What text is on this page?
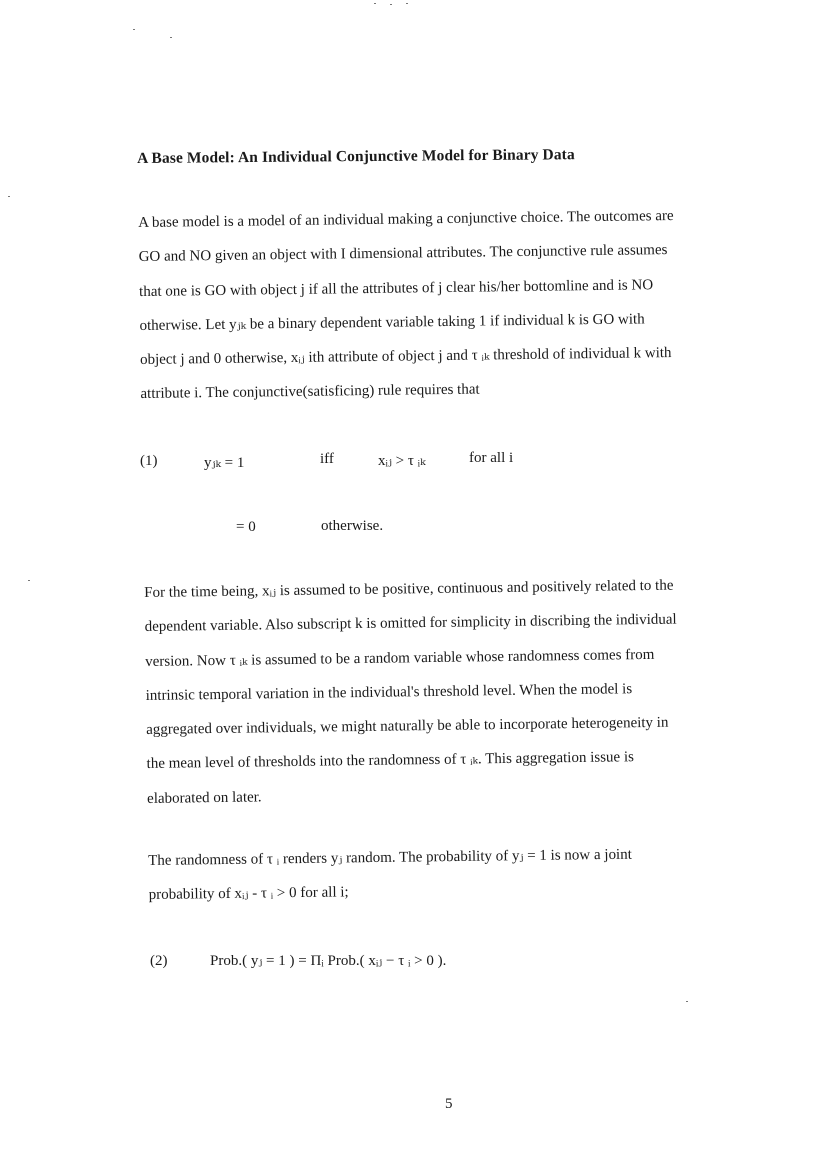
A Base Model: An Individual Conjunctive Model for Binary Data
A base model is a model of an individual making a conjunctive choice. The outcomes are
GO and NO given an object with I dimensional attributes. The conjunctive rule assumes
that one is GO with object j if all the attributes of j clear his/her bottomline and is NO
otherwise. Let yⱼₖ be a binary dependent variable taking 1 if individual k is GO with
object j and 0 otherwise, xᵢⱼ ith attribute of object j and τ ᵢₖ threshold of individual k with
attribute i. The conjunctive(satisficing) rule requires that
(1)	yⱼₖ = 1	iff	xᵢⱼ > τ ᵢₖ	for all i
= 0	otherwise.
For the time being, xᵢⱼ is assumed to be positive, continuous and positively related to the
dependent variable. Also subscript k is omitted for simplicity in discribing the individual
version. Now τ ᵢₖ is assumed to be a random variable whose randomness comes from
intrinsic temporal variation in the individual's threshold level. When the model is
aggregated over individuals, we might naturally be able to incorporate heterogeneity in
the mean level of thresholds into the randomness of τ ᵢₖ. This aggregation issue is
elaborated on later.
The randomness of τ ᵢ renders yⱼ random. The probability of yⱼ = 1 is now a joint
probability of xᵢⱼ - τ ᵢ > 0 for all i;
(2)	Prob.( yⱼ = 1 ) = Πᵢ Prob.( xᵢⱼ − τ ᵢ > 0 ).
5
